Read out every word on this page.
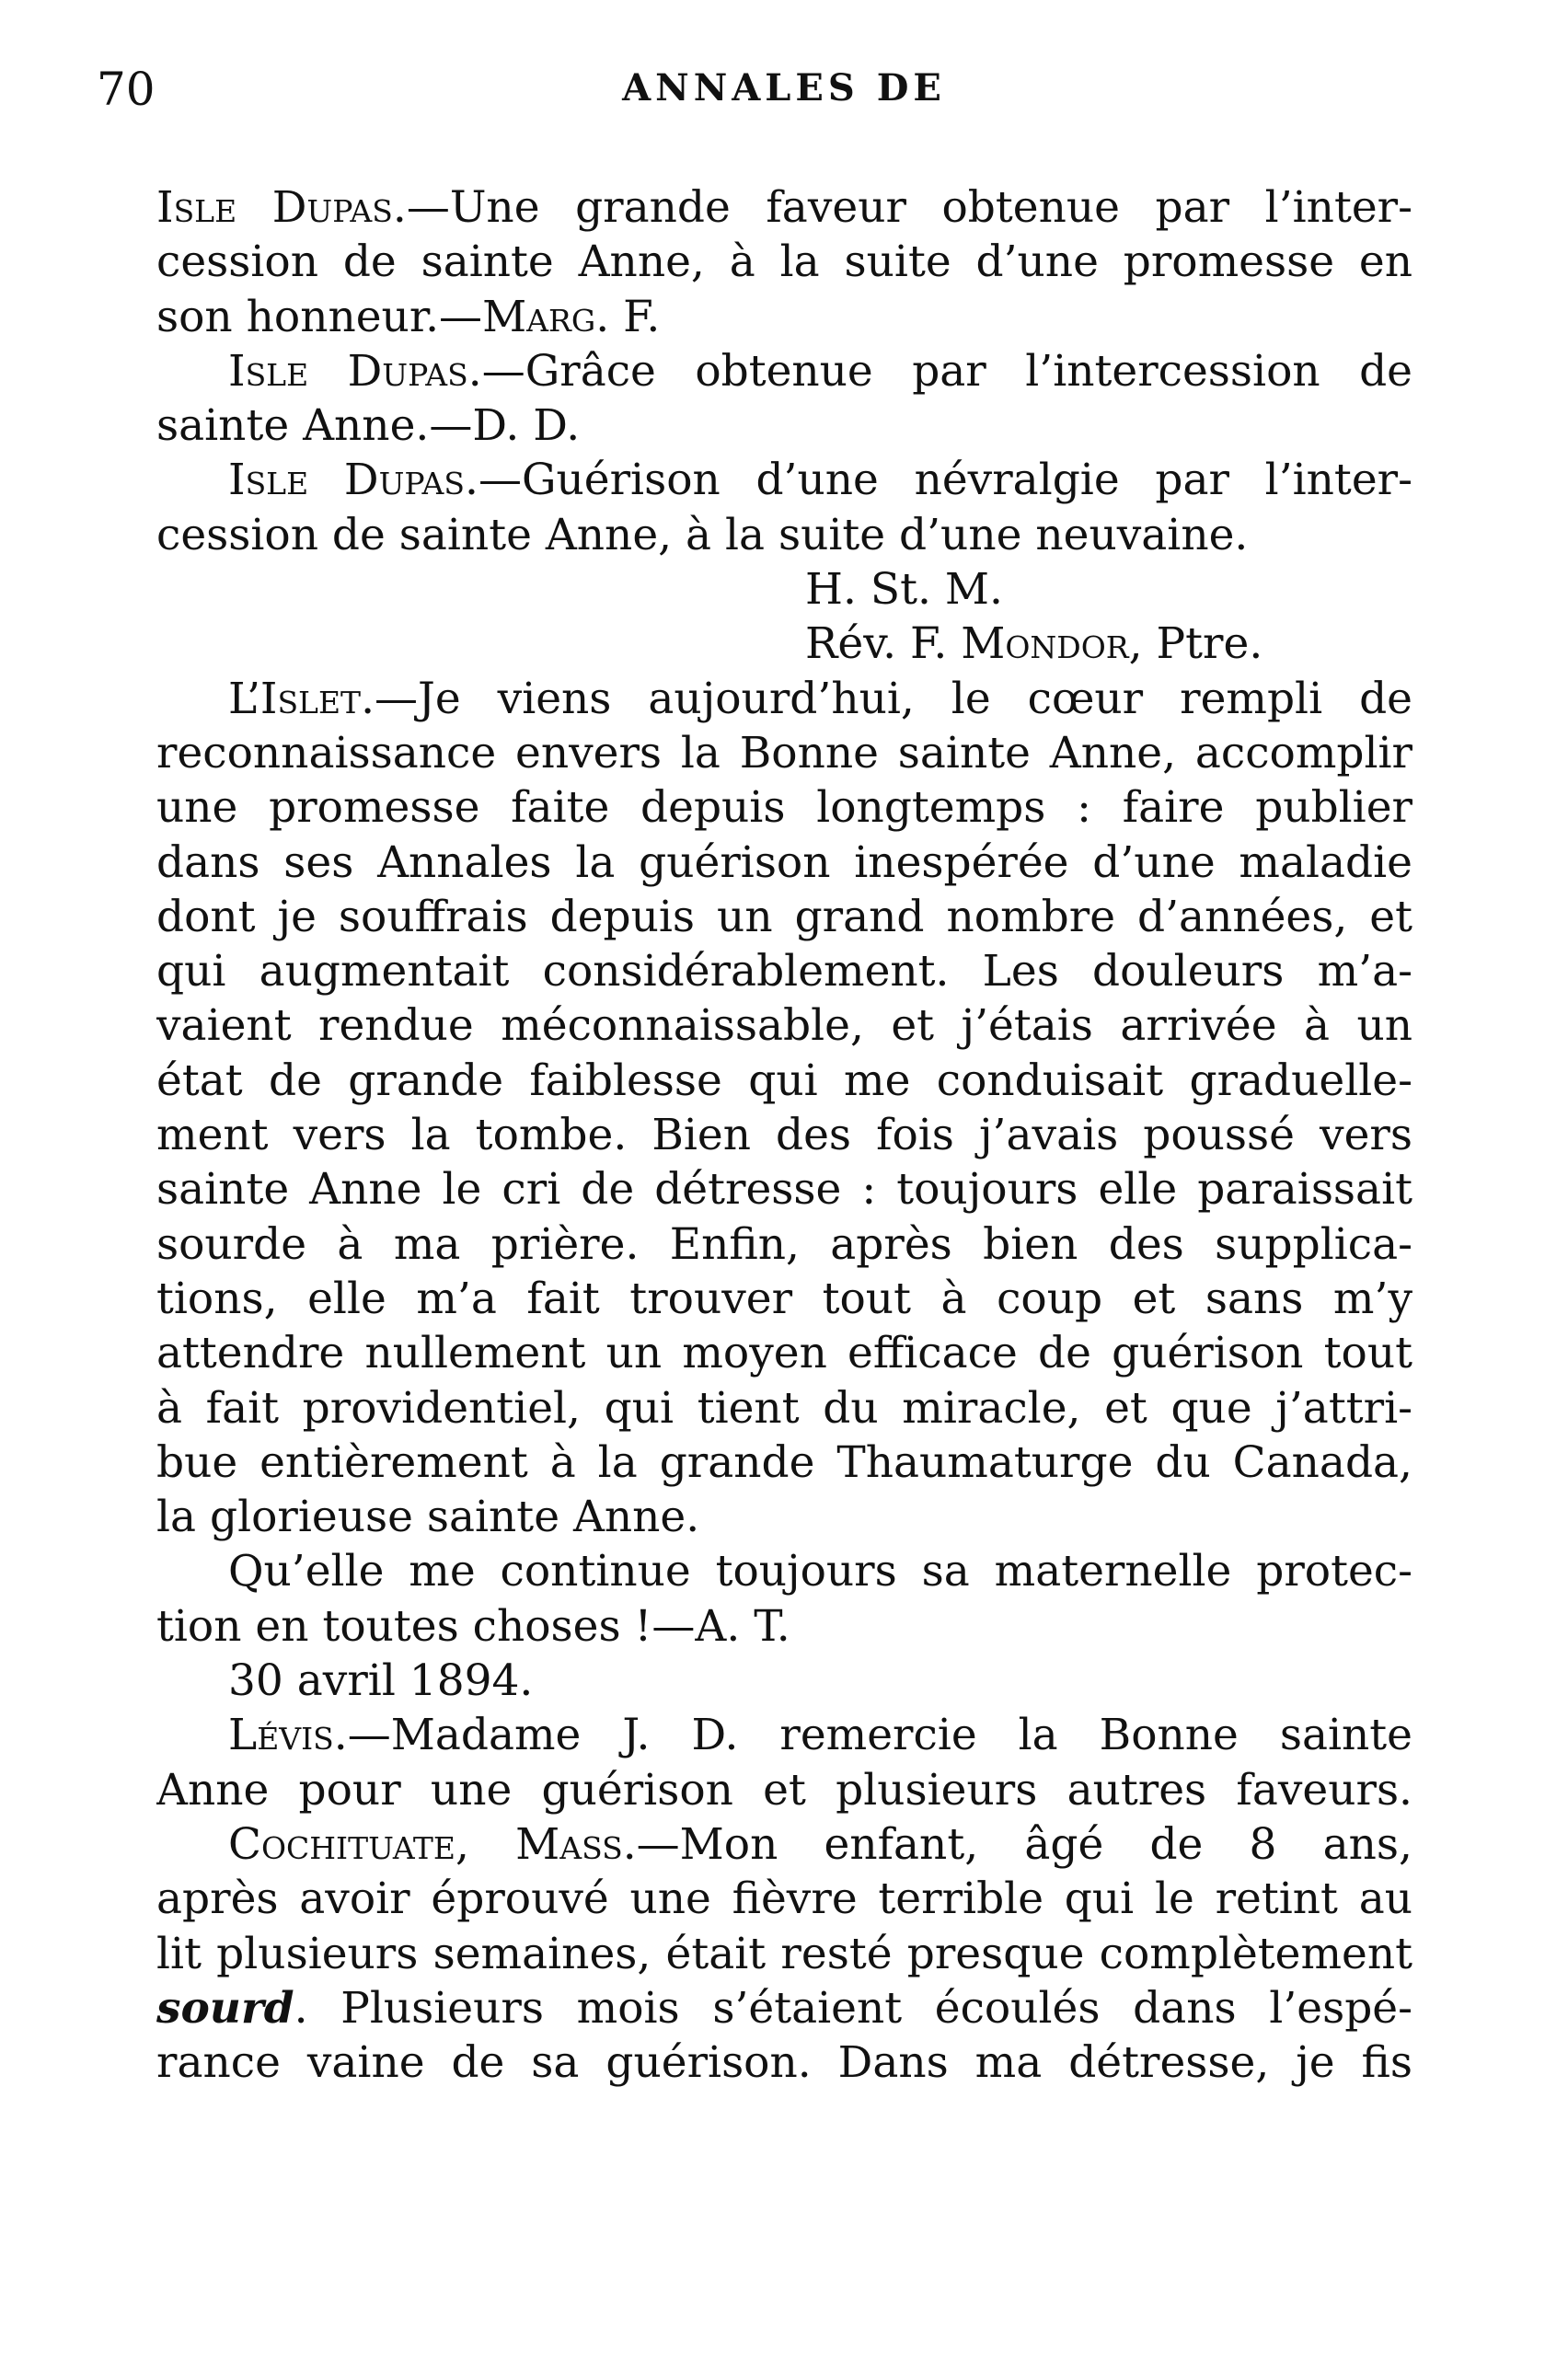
70	ANNALES DE
Isle Dupas.—Une grande faveur obtenue par l’inter-
cession de sainte Anne, à la suite d’une promesse en
son honneur.—Marg. F.
Isle Dupas.—Grâce obtenue par l’intercession de
sainte Anne.—D. D.
Isle Dupas.—Guérison d’une névralgie par l’inter-
cession de sainte Anne, à la suite d’une neuvaine.
H. St. M.
Rév. F. Mondor, Ptre.
L’Islet.—Je viens aujourd’hui, le cœur rempli de
reconnaissance envers la Bonne sainte Anne, accomplir
une promesse faite depuis longtemps : faire publier
dans ses Annales la guérison inespérée d’une maladie
dont je souffrais depuis un grand nombre d’années, et
qui augmentait considérablement. Les douleurs m’a-
vaient rendue méconnaissable, et j’étais arrivée à un
état de grande faiblesse qui me conduisait graduelle-
ment vers la tombe. Bien des fois j’avais poussé vers
sainte Anne le cri de détresse : toujours elle paraissait
sourde à ma prière. Enfin, après bien des supplica-
tions, elle m’a fait trouver tout à coup et sans m’y
attendre nullement un moyen efficace de guérison tout
à fait providentiel, qui tient du miracle, et que j’attri-
bue entièrement à la grande Thaumaturge du Canada,
la glorieuse sainte Anne.
Qu’elle me continue toujours sa maternelle protec-
tion en toutes choses !—A. T.
30 avril 1894.
Lévis.—Madame J. D. remercie la Bonne sainte
Anne pour une guérison et plusieurs autres faveurs.
Cochituate, Mass.—Mon enfant, âgé de 8 ans,
après avoir éprouvé une fièvre terrible qui le retint au
lit plusieurs semaines, était resté presque complètement
sourd. Plusieurs mois s’étaient écoulés dans l’espé-
rance vaine de sa guérison. Dans ma détresse, je fis
